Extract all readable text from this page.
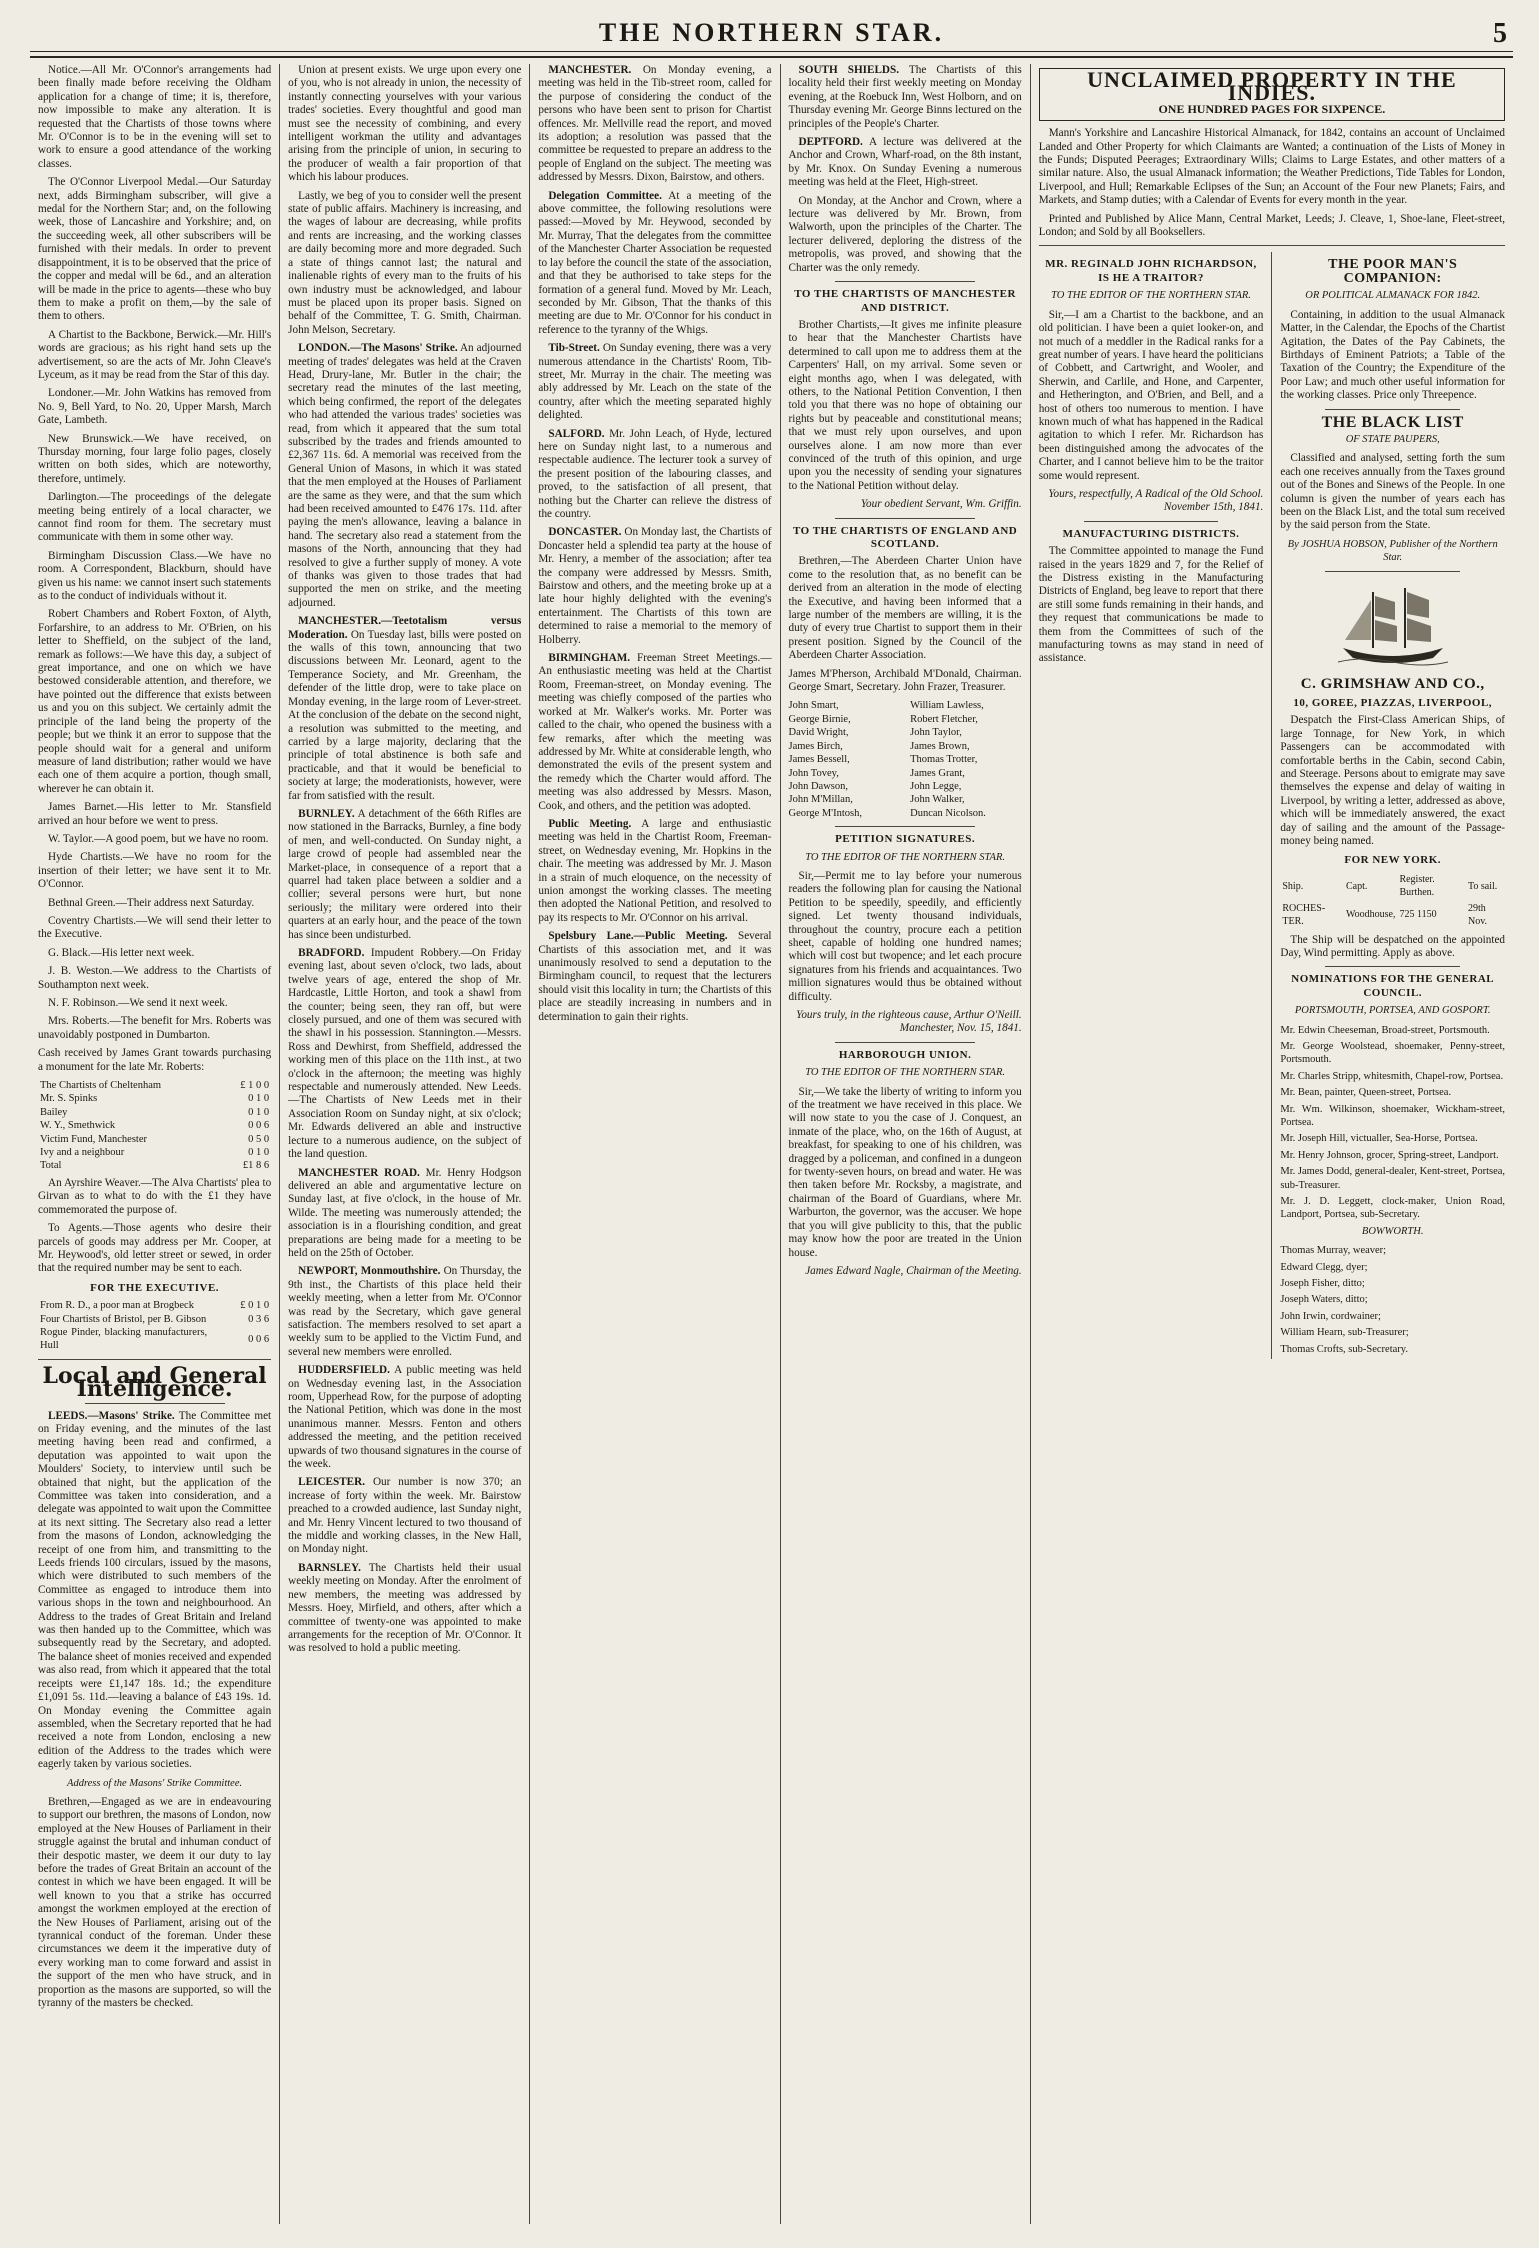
THE NORTHERN STAR.	5

Notice.—All Mr. O'Connor's arrangements had been finally made before receiving the Oldham application for a change of time; it is, therefore, now impossible to make any alteration. It is requested that the Chartists of those towns where Mr. O'Connor is to be in the evening will set to work to ensure a good attendance of the working classes.

The O'Connor Liverpool Medal.—Our Saturday next, adds Birmingham subscriber, will give a medal for the Northern Star; and, on the following week, those of Lancashire and Yorkshire; and, on the succeeding week, all other subscribers will be furnished with their medals. In order to prevent disappointment, it is to be observed that the price of the copper and medal will be 6d., and an alteration will be made in the price to agents—these who buy them to make a profit on them,—by the sale of them to others.

A Chartist to the Backbone, Berwick.—Mr. Hill's words are gracious; as his right hand sets up the advertisement, so are the acts of Mr. John Cleave's Lyceum, as it may be read from the Star of this day.

Londoner.—Mr. John Watkins has removed from No. 9, Bell Yard, to No. 20, Upper Marsh, March Gate, Lambeth.

New Brunswick.—We have received, on Thursday morning, four large folio pages, closely written on both sides, which are noteworthy, therefore, untimely.

Darlington.—The proceedings of the delegate meeting being entirely of a local character, we cannot find room for them. The secretary must communicate with them in some other way.

Birmingham Discussion Class.—We have no room. A Correspondent, Blackburn, should have given us his name: we cannot insert such statements as to the conduct of individuals without it.

Robert Chambers and Robert Foxton, of Alyth, Forfarshire, to an address to Mr. O'Brien, on his letter to Sheffield, on the subject of the land, remark as follows:—We have this day, a subject of great importance, and one on which we have bestowed considerable attention, and therefore, we have pointed out the difference that exists between us and you on this subject. We certainly admit the principle of the land being the property of the people; but we think it an error to suppose that the people should wait for a general and uniform measure of land distribution; rather would we have each one of them acquire a portion, though small, wherever he can obtain it.

James Barnet.—His letter to Mr. Stansfield arrived an hour before we went to press.

W. Taylor.—A good poem, but we have no room.

Hyde Chartists.—We have no room for the insertion of their letter; we have sent it to Mr. O'Connor.

Bethnal Green.—Their address next Saturday.

Coventry Chartists.—We will send their letter to the Executive.

G. Black.—His letter next week.

J. B. Weston.—We address to the Chartists of Southampton next week.

N. F. Robinson.—We send it next week.

Mrs. Roberts.—The benefit for Mrs. Roberts was unavoidably postponed in Dumbarton.

Cash received by James Grant towards purchasing a monument for the late Mr. Roberts:

The Chartists of Cheltenham	£ 1 0 0
Mr. S. Spinks	0 1 0
Bailey	0 1 0
W. Y., Smethwick	0 0 6
Victim Fund, Manchester	0 5 0
Ivy and a neighbour	0 1 0
Total	£1 8 6

An Ayrshire Weaver.—The Alva Chartists' plea to Girvan as to what to do with the £1 they have commemorated the purpose of.

To Agents.—Those agents who desire their parcels of goods may address per Mr. Cooper, at Mr. Heywood's, old letter street or sewed, in order that the required number may be sent to each.

FOR THE EXECUTIVE.
From R. D., a poor man at Brogbeck	£ 0 1 0
Four Chartists of Bristol, per B. Gibson	0 3 6
Rogue Pinder, blacking manufacturers, Hull	0 0 6
Local and General Intelligence.

LEEDS.—Masons' Strike. The Committee met on Friday evening, and the minutes of the last meeting having been read and confirmed, a deputation was appointed to wait upon the Moulders' Society, to interview until such be obtained that night, but the application of the Committee was taken into consideration, and a delegate was appointed to wait upon the Committee at its next sitting. The Secretary also read a letter from the masons of London, acknowledging the receipt of one from him, and transmitting to the Leeds friends 100 circulars, issued by the masons, which were distributed to such members of the Committee as engaged to introduce them into various shops in the town and neighbourhood. An Address to the trades of Great Britain and Ireland was then handed up to the Committee, which was subsequently read by the Secretary, and adopted. The balance sheet of monies received and expended was also read, from which it appeared that the total receipts were £1,147 18s. 1d.; the expenditure £1,091 5s. 11d.—leaving a balance of £43 19s. 1d. On Monday evening the Committee again assembled, when the Secretary reported that he had received a note from London, enclosing a new edition of the Address to the trades which were eagerly taken by various societies.

Address of the Masons' Strike Committee.

Brethren,—Engaged as we are in endeavouring to support our brethren, the masons of London, now employed at the New Houses of Parliament in their struggle against the brutal and inhuman conduct of their despotic master, we deem it our duty to lay before the trades of Great Britain an account of the contest in which we have been engaged. It will be well known to you that a strike has occurred amongst the workmen employed at the erection of the New Houses of Parliament, arising out of the tyrannical conduct of the foreman. Under these circumstances we deem it the imperative duty of every working man to come forward and assist in the support of the men who have struck, and in proportion as the masons are supported, so will the tyranny of the masters be checked.

Union at present exists. We urge upon every one of you, who is not already in union, the necessity of instantly connecting yourselves with your various trades' societies. Every thoughtful and good man must see the necessity of combining, and every intelligent workman the utility and advantages arising from the principle of union, in securing to the producer of wealth a fair proportion of that which his labour produces.

Lastly, we beg of you to consider well the present state of public affairs. Machinery is increasing, and the wages of labour are decreasing, while profits and rents are increasing, and the working classes are daily becoming more and more degraded. Such a state of things cannot last; the natural and inalienable rights of every man to the fruits of his own industry must be acknowledged, and labour must be placed upon its proper basis. Signed on behalf of the Committee, T. G. Smith, Chairman. John Melson, Secretary.

LONDON.—The Masons' Strike. An adjourned meeting of trades' delegates was held at the Craven Head, Drury-lane, Mr. Butler in the chair; the secretary read the minutes of the last meeting, which being confirmed, the report of the delegates who had attended the various trades' societies was read, from which it appeared that the sum total subscribed by the trades and friends amounted to £2,367 11s. 6d. A memorial was received from the General Union of Masons, in which it was stated that the men employed at the Houses of Parliament are the same as they were, and that the sum which had been received amounted to £476 17s. 11d. after paying the men's allowance, leaving a balance in hand. The secretary also read a statement from the masons of the North, announcing that they had resolved to give a further supply of money. A vote of thanks was given to those trades that had supported the men on strike, and the meeting adjourned.

MANCHESTER.—Teetotalism versus Moderation. On Tuesday last, bills were posted on the walls of this town, announcing that two discussions between Mr. Leonard, agent to the Temperance Society, and Mr. Greenham, the defender of the little drop, were to take place on Monday evening, in the large room of Lever-street. At the conclusion of the debate on the second night, a resolution was submitted to the meeting, and carried by a large majority, declaring that the principle of total abstinence is both safe and practicable, and that it would be beneficial to society at large; the moderationists, however, were far from satisfied with the result.

BURNLEY. A detachment of the 66th Rifles are now stationed in the Barracks, Burnley, a fine body of men, and well-conducted. On Sunday night, a large crowd of people had assembled near the Market-place, in consequence of a report that a quarrel had taken place between a soldier and a collier; several persons were hurt, but none seriously; the military were ordered into their quarters at an early hour, and the peace of the town has since been undisturbed.

BRADFORD. Impudent Robbery.—On Friday evening last, about seven o'clock, two lads, about twelve years of age, entered the shop of Mr. Hardcastle, Little Horton, and took a shawl from the counter; being seen, they ran off, but were closely pursued, and one of them was secured with the shawl in his possession. Stannington.—Messrs. Ross and Dewhirst, from Sheffield, addressed the working men of this place on the 11th inst., at two o'clock in the afternoon; the meeting was highly respectable and numerously attended. New Leeds.—The Chartists of New Leeds met in their Association Room on Sunday night, at six o'clock; Mr. Edwards delivered an able and instructive lecture to a numerous audience, on the subject of the land question.

MANCHESTER ROAD. Mr. Henry Hodgson delivered an able and argumentative lecture on Sunday last, at five o'clock, in the house of Mr. Wilde. The meeting was numerously attended; the association is in a flourishing condition, and great preparations are being made for a meeting to be held on the 25th of October.

NEWPORT, Monmouthshire. On Thursday, the 9th inst., the Chartists of this place held their weekly meeting, when a letter from Mr. O'Connor was read by the Secretary, which gave general satisfaction. The members resolved to set apart a weekly sum to be applied to the Victim Fund, and several new members were enrolled.

HUDDERSFIELD. A public meeting was held on Wednesday evening last, in the Association room, Upperhead Row, for the purpose of adopting the National Petition, which was done in the most unanimous manner. Messrs. Fenton and others addressed the meeting, and the petition received upwards of two thousand signatures in the course of the week.

LEICESTER. Our number is now 370; an increase of forty within the week. Mr. Bairstow preached to a crowded audience, last Sunday night, and Mr. Henry Vincent lectured to two thousand of the middle and working classes, in the New Hall, on Monday night.

BARNSLEY. The Chartists held their usual weekly meeting on Monday. After the enrolment of new members, the meeting was addressed by Messrs. Hoey, Mirfield, and others, after which a committee of twenty-one was appointed to make arrangements for the reception of Mr. O'Connor. It was resolved to hold a public meeting.

MANCHESTER. On Monday evening, a meeting was held in the Tib-street room, called for the purpose of considering the conduct of the persons who have been sent to prison for Chartist offences. Mr. Mellville read the report, and moved its adoption; a resolution was passed that the committee be requested to prepare an address to the people of England on the subject. The meeting was addressed by Messrs. Dixon, Bairstow, and others.

Delegation Committee. At a meeting of the above committee, the following resolutions were passed:—Moved by Mr. Heywood, seconded by Mr. Murray, That the delegates from the committee of the Manchester Charter Association be requested to lay before the council the state of the association, and that they be authorised to take steps for the formation of a general fund. Moved by Mr. Leach, seconded by Mr. Gibson, That the thanks of this meeting are due to Mr. O'Connor for his conduct in reference to the tyranny of the Whigs.

Tib-Street. On Sunday evening, there was a very numerous attendance in the Chartists' Room, Tib-street, Mr. Murray in the chair. The meeting was ably addressed by Mr. Leach on the state of the country, after which the meeting separated highly delighted.

SALFORD. Mr. John Leach, of Hyde, lectured here on Sunday night last, to a numerous and respectable audience. The lecturer took a survey of the present position of the labouring classes, and proved, to the satisfaction of all present, that nothing but the Charter can relieve the distress of the country.

DONCASTER. On Monday last, the Chartists of Doncaster held a splendid tea party at the house of Mr. Henry, a member of the association; after tea the company were addressed by Messrs. Smith, Bairstow and others, and the meeting broke up at a late hour highly delighted with the evening's entertainment. The Chartists of this town are determined to raise a memorial to the memory of Holberry.

BIRMINGHAM. Freeman Street Meetings.—An enthusiastic meeting was held at the Chartist Room, Freeman-street, on Monday evening. The meeting was chiefly composed of the parties who worked at Mr. Walker's works. Mr. Porter was called to the chair, who opened the business with a few remarks, after which the meeting was addressed by Mr. White at considerable length, who demonstrated the evils of the present system and the remedy which the Charter would afford. The meeting was also addressed by Messrs. Mason, Cook, and others, and the petition was adopted.

Public Meeting. A large and enthusiastic meeting was held in the Chartist Room, Freeman-street, on Wednesday evening, Mr. Hopkins in the chair. The meeting was addressed by Mr. J. Mason in a strain of much eloquence, on the necessity of union amongst the working classes. The meeting then adopted the National Petition, and resolved to pay its respects to Mr. O'Connor on his arrival.

Spelsbury Lane.—Public Meeting. Several Chartists of this association met, and it was unanimously resolved to send a deputation to the Birmingham council, to request that the lecturers should visit this locality in turn; the Chartists of this place are steadily increasing in numbers and in determination to gain their rights.

SOUTH SHIELDS. The Chartists of this locality held their first weekly meeting on Monday evening, at the Roebuck Inn, West Holborn, and on Thursday evening Mr. George Binns lectured on the principles of the People's Charter.

DEPTFORD. A lecture was delivered at the Anchor and Crown, Wharf-road, on the 8th instant, by Mr. Knox. On Sunday Evening a numerous meeting was held at the Fleet, High-street.

On Monday, at the Anchor and Crown, where a lecture was delivered by Mr. Brown, from Walworth, upon the principles of the Charter. The lecturer delivered, deploring the distress of the metropolis, was proved, and showing that the Charter was the only remedy.

TO THE CHARTISTS OF MANCHESTER AND DISTRICT.

Brother Chartists,—It gives me infinite pleasure to hear that the Manchester Chartists have determined to call upon me to address them at the Carpenters' Hall, on my arrival. Some seven or eight months ago, when I was delegated, with others, to the National Petition Convention, I then told you that there was no hope of obtaining our rights but by peaceable and constitutional means; that we must rely upon ourselves, and upon ourselves alone. I am now more than ever convinced of the truth of this opinion, and urge upon you the necessity of sending your signatures to the National Petition without delay.

Your obedient Servant, Wm. Griffin.
TO THE CHARTISTS OF ENGLAND AND SCOTLAND.

Brethren,—The Aberdeen Charter Union have come to the resolution that, as no benefit can be derived from an alteration in the mode of electing the Executive, and having been informed that a large number of the members are willing, it is the duty of every true Chartist to support them in their present position. Signed by the Council of the Aberdeen Charter Association.

James M'Pherson, Archibald M'Donald, Chairman. George Smart, Secretary. John Frazer, Treasurer.

John Smart,
George Birnie,
David Wright,
James Birch,
James Bessell,
John Tovey,
John Dawson,
John M'Millan,
George M'Intosh,
William Lawless,
Robert Fletcher,
John Taylor,
James Brown,
Thomas Trotter,
James Grant,
John Legge,
John Walker,
Duncan Nicolson.
PETITION SIGNATURES.
TO THE EDITOR OF THE NORTHERN STAR.

Sir,—Permit me to lay before your numerous readers the following plan for causing the National Petition to be speedily, speedily, and efficiently signed. Let twenty thousand individuals, throughout the country, procure each a petition sheet, capable of holding one hundred names; which will cost but twopence; and let each procure signatures from his friends and acquaintances. Two million signatures would thus be obtained without difficulty.

Yours truly, in the righteous cause, Arthur O'Neill. Manchester, Nov. 15, 1841.
HARBOROUGH UNION.
TO THE EDITOR OF THE NORTHERN STAR.

Sir,—We take the liberty of writing to inform you of the treatment we have received in this place. We will now state to you the case of J. Conquest, an inmate of the place, who, on the 16th of August, at breakfast, for speaking to one of his children, was dragged by a policeman, and confined in a dungeon for twenty-seven hours, on bread and water. He was then taken before Mr. Rocksby, a magistrate, and chairman of the Board of Guardians, where Mr. Warburton, the governor, was the accuser. We hope that you will give publicity to this, that the public may know how the poor are treated in the Union house.

James Edward Nagle, Chairman of the Meeting.
UNCLAIMED PROPERTY IN THE INDIES.
ONE HUNDRED PAGES FOR SIXPENCE.

Mann's Yorkshire and Lancashire Historical Almanack, for 1842, contains an account of Unclaimed Landed and Other Property for which Claimants are Wanted; a continuation of the Lists of Money in the Funds; Disputed Peerages; Extraordinary Wills; Claims to Large Estates, and other matters of a similar nature. Also, the usual Almanack information; the Weather Predictions, Tide Tables for London, Liverpool, and Hull; Remarkable Eclipses of the Sun; an Account of the Four new Planets; Fairs, and Markets, and Stamp duties; with a Calendar of Events for every month in the year.

Printed and Published by Alice Mann, Central Market, Leeds; J. Cleave, 1, Shoe-lane, Fleet-street, London; and Sold by all Booksellers.

MR. REGINALD JOHN RICHARDSON, IS HE A TRAITOR?
TO THE EDITOR OF THE NORTHERN STAR.

Sir,—I am a Chartist to the backbone, and an old politician. I have been a quiet looker-on, and not much of a meddler in the Radical ranks for a great number of years. I have heard the politicians of Cobbett, and Cartwright, and Wooler, and Sherwin, and Carlile, and Hone, and Carpenter, and Hetherington, and O'Brien, and Bell, and a host of others too numerous to mention. I have known much of what has happened in the Radical agitation to which I refer. Mr. Richardson has been distinguished among the advocates of the Charter, and I cannot believe him to be the traitor some would represent.

Yours, respectfully, A Radical of the Old School. November 15th, 1841.
MANUFACTURING DISTRICTS.

The Committee appointed to manage the Fund raised in the years 1829 and 7, for the Relief of the Distress existing in the Manufacturing Districts of England, beg leave to report that there are still some funds remaining in their hands, and they request that communications be made to them from the Committees of such of the manufacturing towns as may stand in need of assistance.

THE POOR MAN'S COMPANION:
OR POLITICAL ALMANACK FOR 1842.

Containing, in addition to the usual Almanack Matter, in the Calendar, the Epochs of the Chartist Agitation, the Dates of the Pay Cabinets, the Birthdays of Eminent Patriots; a Table of the Taxation of the Country; the Expenditure of the Poor Law; and much other useful information for the working classes. Price only Threepence.

THE BLACK LIST
OF STATE PAUPERS,

Classified and analysed, setting forth the sum each one receives annually from the Taxes ground out of the Bones and Sinews of the People. In one column is given the number of years each has been on the Black List, and the total sum received by the said person from the State.

By JOSHUA HOBSON, Publisher of the Northern Star.
C. GRIMSHAW AND CO.,
10, GOREE, PIAZZAS, LIVERPOOL,

Despatch the First-Class American Ships, of large Tonnage, for New York, in which Passengers can be accommodated with comfortable berths in the Cabin, second Cabin, and Steerage. Persons about to emigrate may save themselves the expense and delay of waiting in Liverpool, by writing a letter, addressed as above, which will be immediately answered, the exact day of sailing and the amount of the Passage-money being named.

FOR NEW YORK.
Ship.	Capt.	Register. Burthen.	To sail.
ROCHES-TER.	Woodhouse,	725 1150	29th Nov.

The Ship will be despatched on the appointed Day, Wind permitting. Apply as above.

NOMINATIONS FOR THE GENERAL COUNCIL.
PORTSMOUTH, PORTSEA, AND GOSPORT.

Mr. Edwin Cheeseman, Broad-street, Portsmouth.

Mr. George Woolstead, shoemaker, Penny-street, Portsmouth.

Mr. Charles Stripp, whitesmith, Chapel-row, Portsea.

Mr. Bean, painter, Queen-street, Portsea.

Mr. Wm. Wilkinson, shoemaker, Wickham-street, Portsea.

Mr. Joseph Hill, victualler, Sea-Horse, Portsea.

Mr. Henry Johnson, grocer, Spring-street, Landport.

Mr. James Dodd, general-dealer, Kent-street, Portsea, sub-Treasurer.

Mr. J. D. Leggett, clock-maker, Union Road, Landport, Portsea, sub-Secretary.

BOWWORTH.

Thomas Murray, weaver;

Edward Clegg, dyer;

Joseph Fisher, ditto;

Joseph Waters, ditto;

John Irwin, cordwainer;

William Hearn, sub-Treasurer;

Thomas Crofts, sub-Secretary.
